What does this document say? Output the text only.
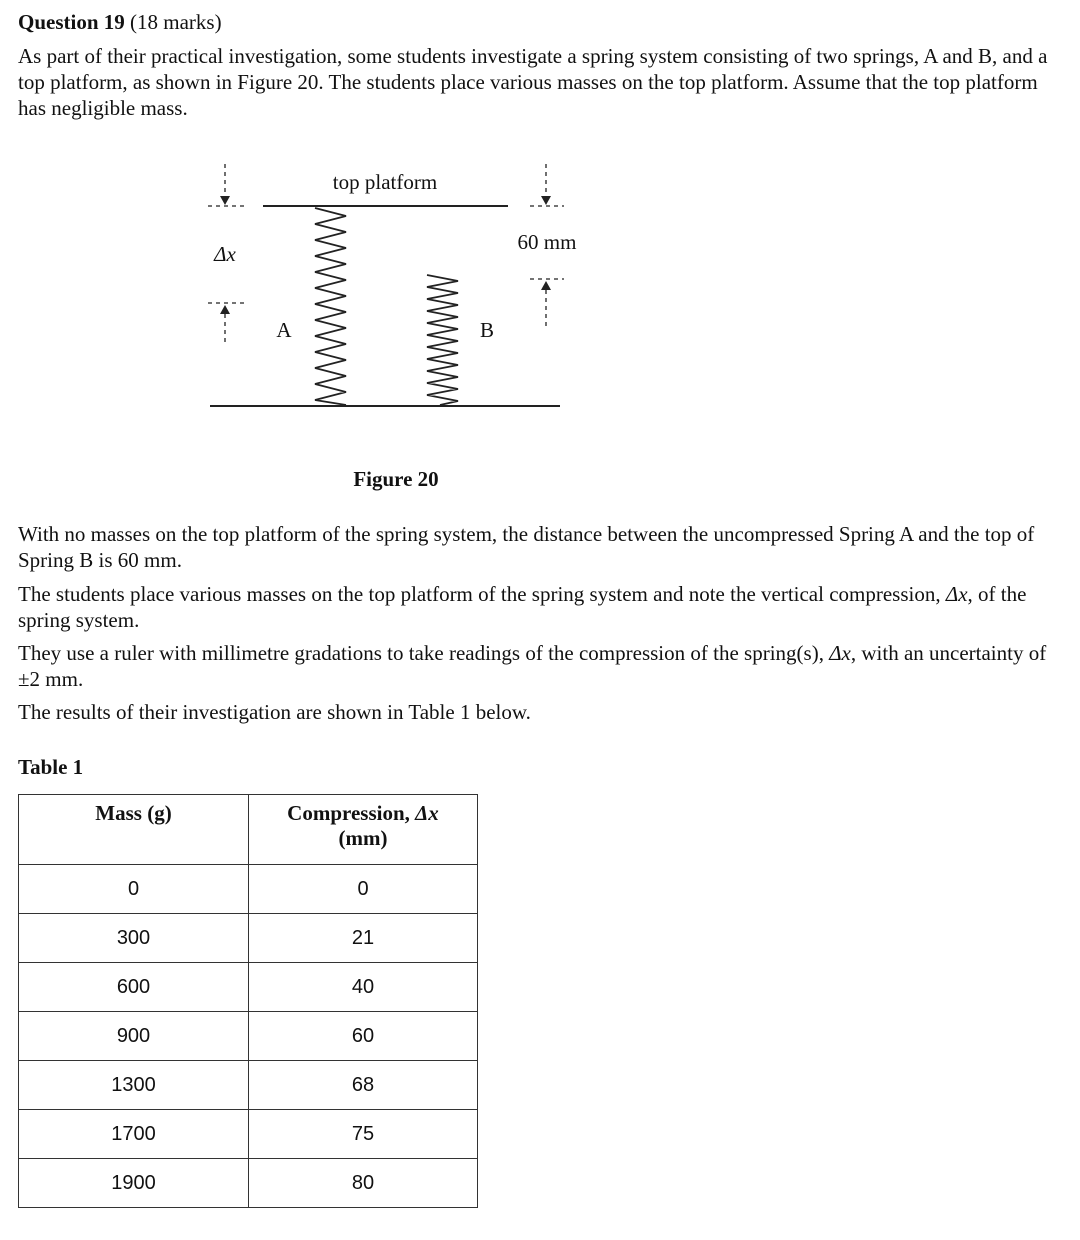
Question 19 (18 marks)
As part of their practical investigation, some students investigate a spring system consisting of two springs, A and B, and a top platform, as shown in Figure 20. The students place various masses on the top platform. Assume that the top platform has negligible mass.
top platform
Δx	60 mm
A	B
Figure 20
With no masses on the top platform of the spring system, the distance between the uncompressed Spring A and the top of Spring B is 60 mm.
The students place various masses on the top platform of the spring system and note the vertical compression, Δx, of the spring system.
They use a ruler with millimetre gradations to take readings of the compression of the spring(s), Δx, with an uncertainty of ±2 mm.
The results of their investigation are shown in Table 1 below.
Table 1
Mass (g)	Compression, Δx
(mm)
0	0
300	21
600	40
900	60
1300	68
1700	75
1900	80
